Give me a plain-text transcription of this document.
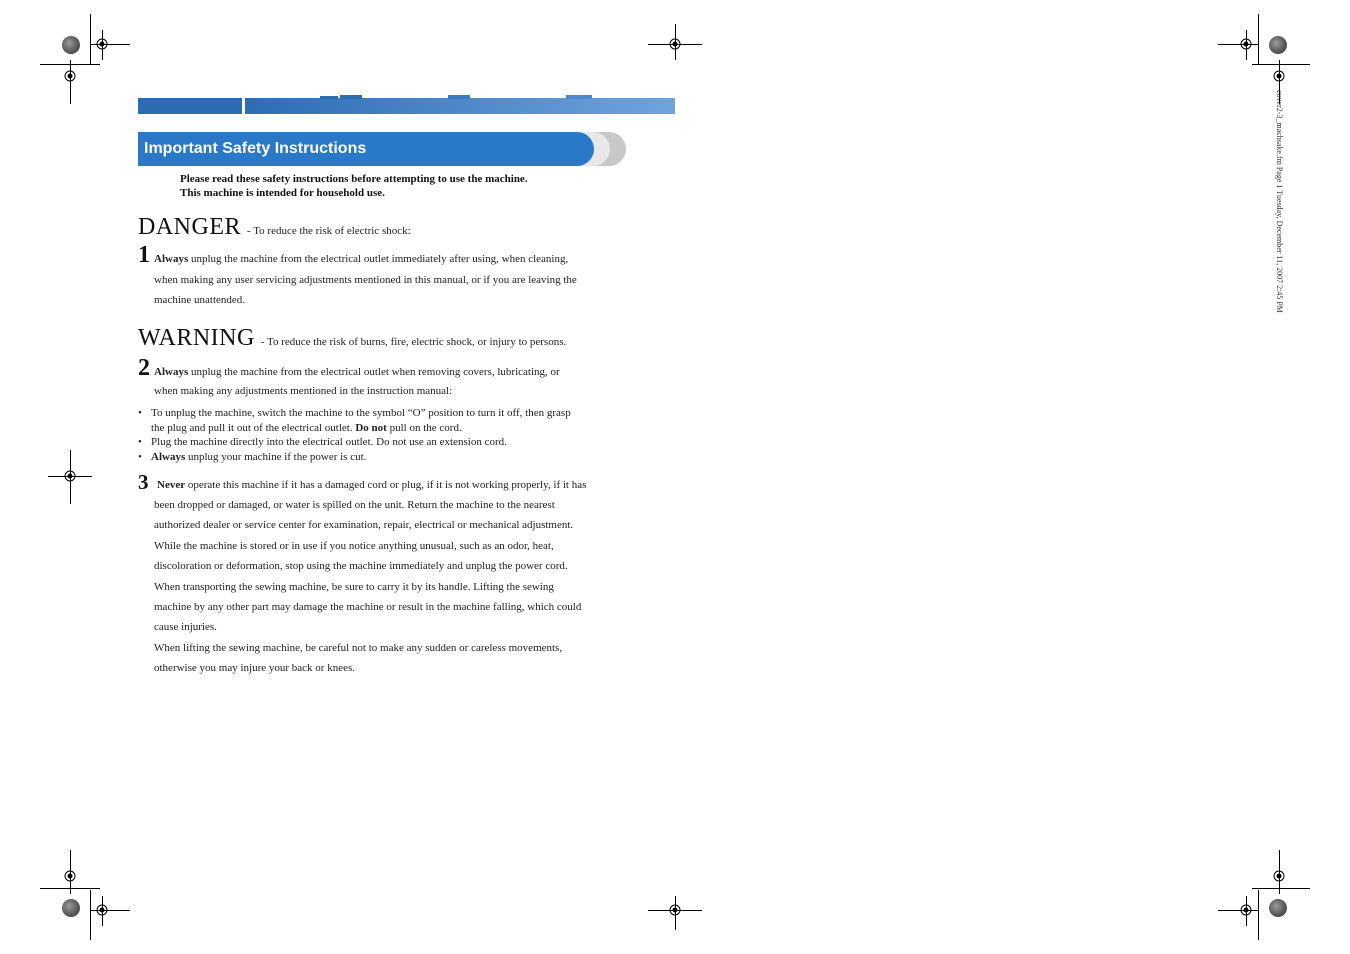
Important Safety Instructions
Please read these safety instructions before attempting to use the machine.
This machine is intended for household use.
DANGER - To reduce the risk of electric shock:
1 Always unplug the machine from the electrical outlet immediately after using, when cleaning,
when making any user servicing adjustments mentioned in this manual, or if you are leaving the
machine unattended.
WARNING - To reduce the risk of burns, fire, electric shock, or injury to persons.
2 Always unplug the machine from the electrical outlet when removing covers, lubricating, or
when making any adjustments mentioned in the instruction manual:
• To unplug the machine, switch the machine to the symbol “O” position to turn it off, then grasp
the plug and pull it out of the electrical outlet. Do not pull on the cord.
• Plug the machine directly into the electrical outlet. Do not use an extension cord.
• Always unplug your machine if the power is cut.
3 Never operate this machine if it has a damaged cord or plug, if it is not working properly, if it has
been dropped or damaged, or water is spilled on the unit. Return the machine to the nearest
authorized dealer or service center for examination, repair, electrical or mechanical adjustment.
While the machine is stored or in use if you notice anything unusual, such as an odor, heat,
discoloration or deformation, stop using the machine immediately and unplug the power cord.
When transporting the sewing machine, be sure to carry it by its handle. Lifting the sewing
machine by any other part may damage the machine or result in the machine falling, which could
cause injuries.
When lifting the sewing machine, be careful not to make any sudden or careless movements,
otherwise you may injure your back or knees.
cover2-3_machsake.fm Page 1 Tuesday, December 11, 2007 2:45 PM
